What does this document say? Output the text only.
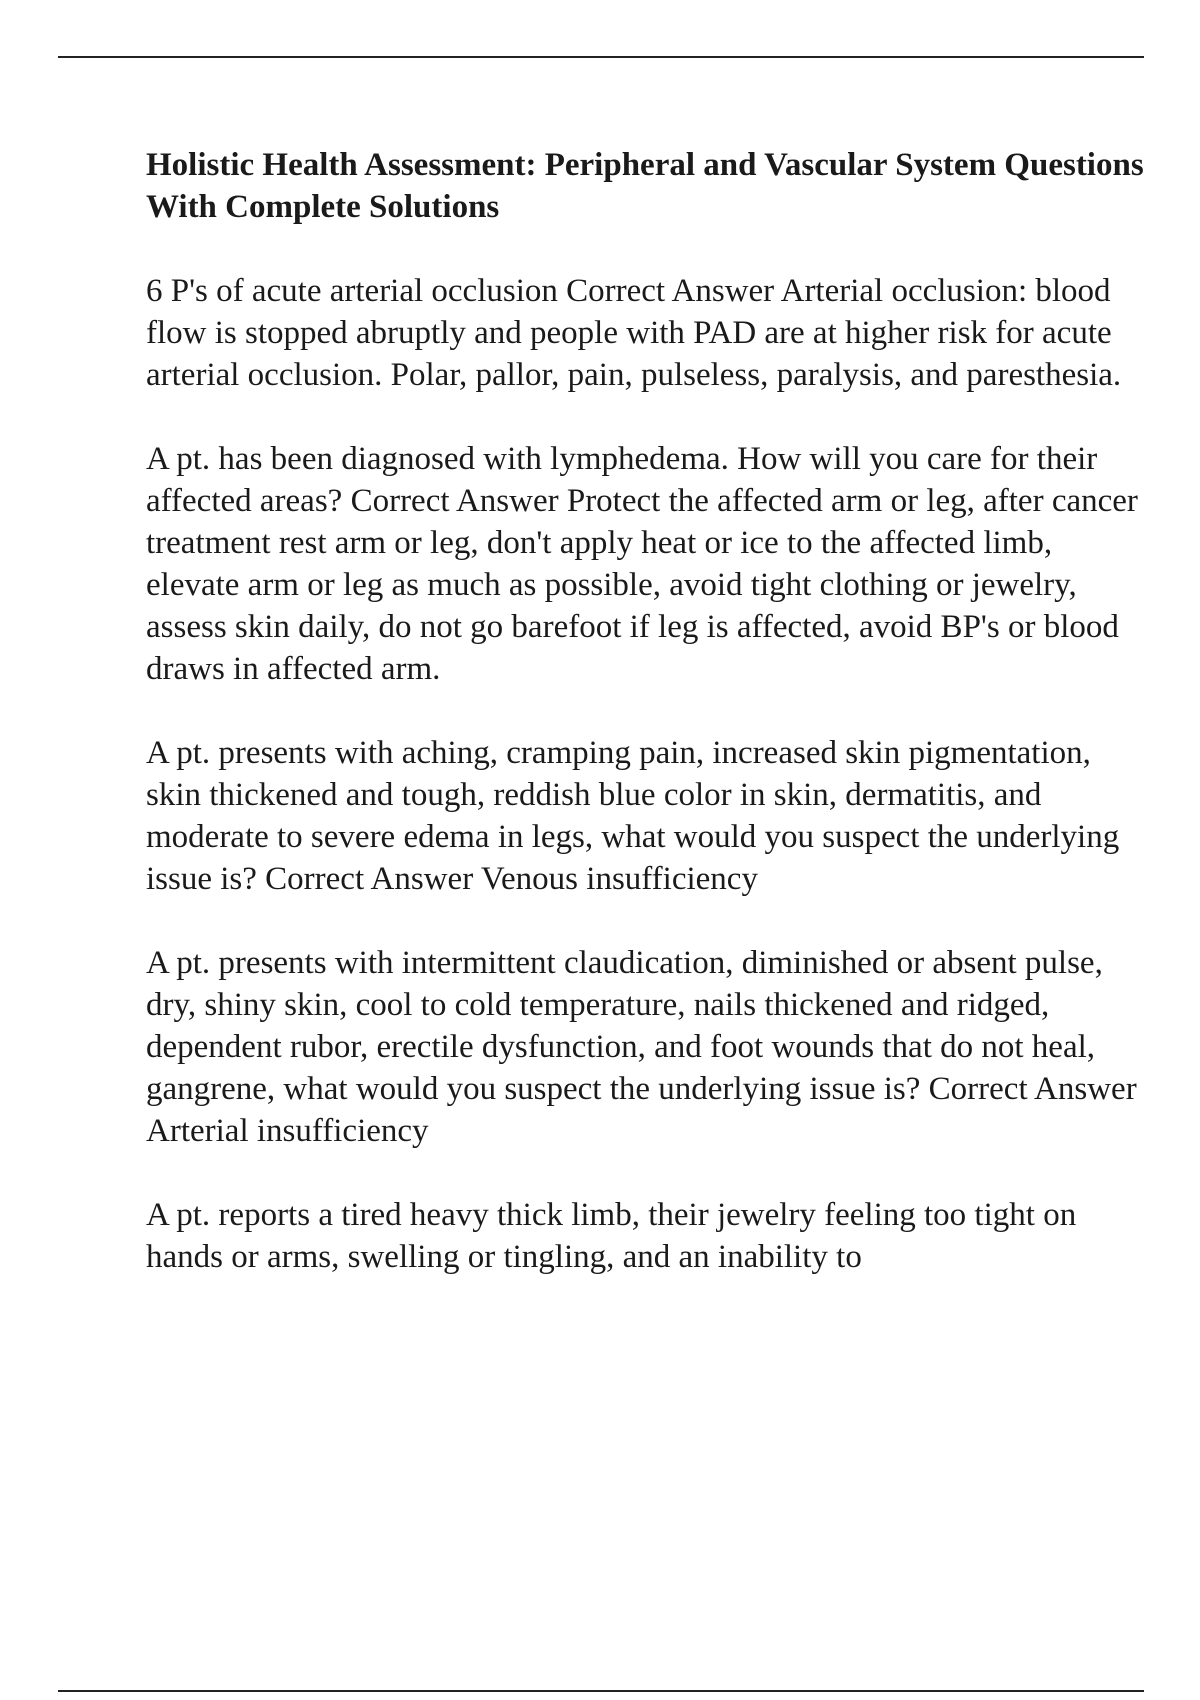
Holistic Health Assessment: Peripheral and Vascular System Questions With Complete Solutions

6 P's of acute arterial occlusion Correct Answer Arterial occlusion: blood flow is stopped abruptly and people with PAD are at higher risk for acute arterial occlusion. Polar, pallor, pain, pulseless, paralysis, and paresthesia.

A pt. has been diagnosed with lymphedema. How will you care for their affected areas? Correct Answer Protect the affected arm or leg, after cancer treatment rest arm or leg, don't apply heat or ice to the affected limb, elevate arm or leg as much as possible, avoid tight clothing or jewelry, assess skin daily, do not go barefoot if leg is affected, avoid BP's or blood draws in affected arm.

A pt. presents with aching, cramping pain, increased skin pigmentation, skin thickened and tough, reddish blue color in skin, dermatitis, and moderate to severe edema in legs, what would you suspect the underlying issue is? Correct Answer Venous insufficiency

A pt. presents with intermittent claudication, diminished or absent pulse, dry, shiny skin, cool to cold temperature, nails thickened and ridged, dependent rubor, erectile dysfunction, and foot wounds that do not heal, gangrene, what would you suspect the underlying issue is? Correct Answer Arterial insufficiency

A pt. reports a tired heavy thick limb, their jewelry feeling too tight on hands or arms, swelling or tingling, and an inability to
